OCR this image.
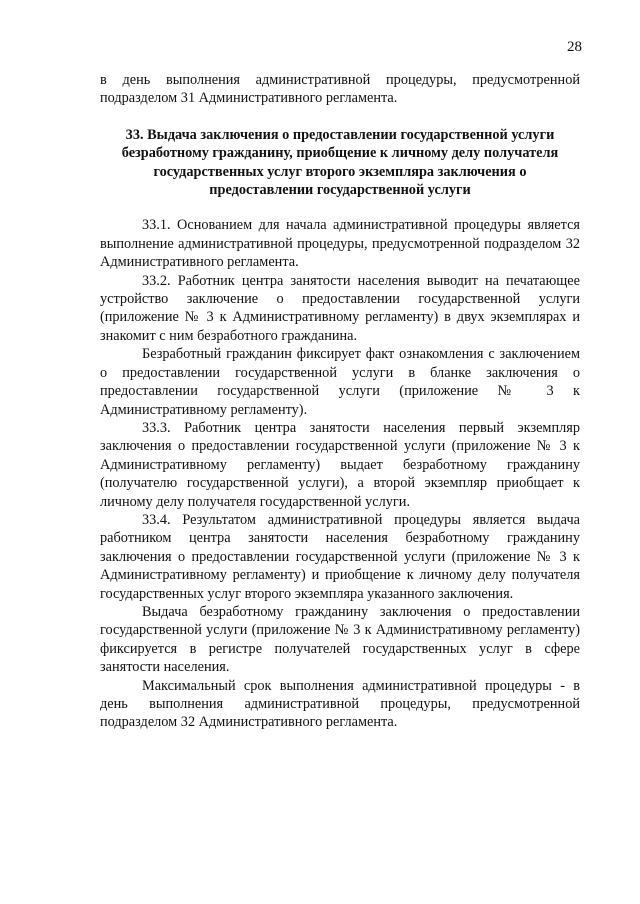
28

в день выполнения административной процедуры, предусмотренной подразделом 31 Административного регламента.

33. Выдача заключения о предоставлении государственной услуги безработному гражданину, приобщение к личному делу получателя государственных услуг второго экземпляра заключения о предоставлении государственной услуги

33.1. Основанием для начала административной процедуры является выполнение административной процедуры, предусмотренной подразделом 32 Административного регламента.

33.2. Работник центра занятости населения выводит на печатающее устройство заключение о предоставлении государственной услуги (приложение № 3 к Административному регламенту) в двух экземплярах и знакомит с ним безработного гражданина.

Безработный гражданин фиксирует факт ознакомления с заключением о предоставлении государственной услуги в бланке заключения о предоставлении государственной услуги (приложение № 3 к Административному регламенту).

33.3. Работник центра занятости населения первый экземпляр заключения о предоставлении государственной услуги (приложение № 3 к Административному регламенту) выдает безработному гражданину (получателю государственной услуги), а второй экземпляр приобщает к личному делу получателя государственной услуги.

33.4. Результатом административной процедуры является выдача работником центра занятости населения безработному гражданину заключения о предоставлении государственной услуги (приложение № 3 к Административному регламенту) и приобщение к личному делу получателя государственных услуг второго экземпляра указанного заключения.

Выдача безработному гражданину заключения о предоставлении государственной услуги (приложение № 3 к Административному регламенту) фиксируется в регистре получателей государственных услуг в сфере занятости населения.

Максимальный срок выполнения административной процедуры - в день выполнения административной процедуры, предусмотренной подразделом 32 Административного регламента.
